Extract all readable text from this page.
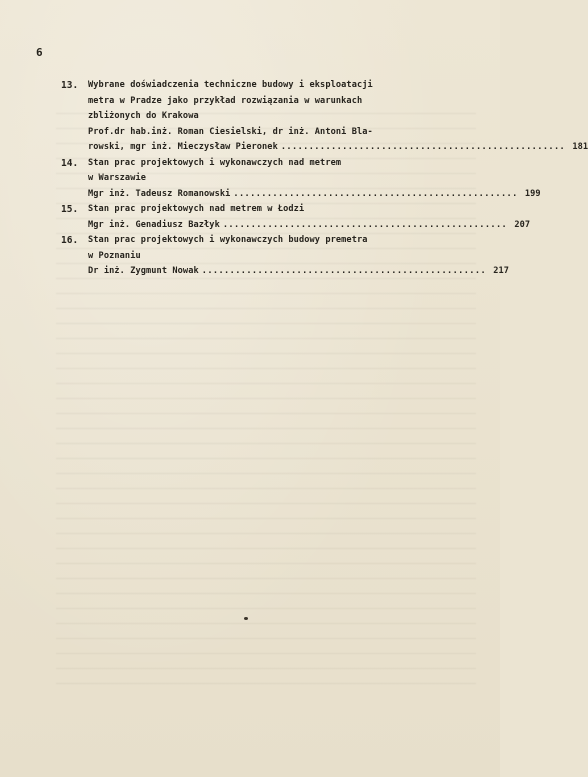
6
13. Wybrane doświadczenia techniczne budowy i eksploatacji
metra w Pradze jako przykład rozwiązania w warunkach
zbliżonych do Krakowa
Prof.dr hab.inż. Roman Ciesielski, dr inż. Antoni Bla-
rowski, mgr inż. Mieczysław Pieronek ................................................... 181
14. Stan prac projektowych i wykonawczych nad metrem
w Warszawie
Mgr inż. Tadeusz Romanowski ................................................... 199
15. Stan prac projektowych nad metrem w Łodzi
Mgr inż. Genadiusz Bazłyk ................................................... 207
16. Stan prac projektowych i wykonawczych budowy premetra
w Poznaniu
Dr inż. Zygmunt Nowak ................................................... 217
